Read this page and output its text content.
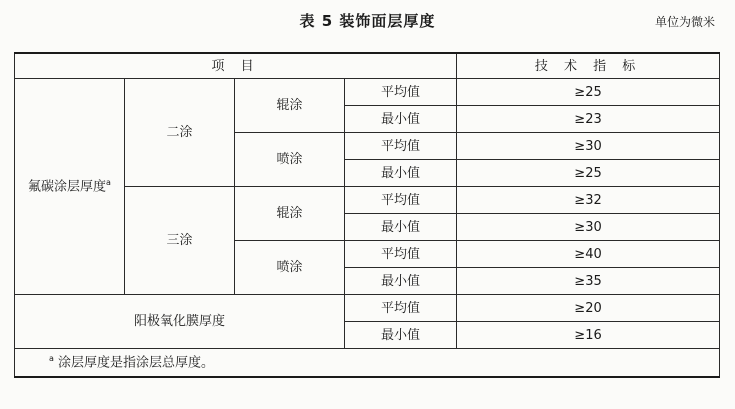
表 5 装饰面层厚度	单位为微米
项 目				技 术 指 标
氟碳涂层厚度$^a$	二涂	辊涂	平均值	≥25
			最小值	≥23
		喷涂	平均值	≥30
			最小值	≥25
	三涂	辊涂	平均值	≥32
			最小值	≥30
		喷涂	平均值	≥40
			最小值	≥35
阳极氧化膜厚度			平均值	≥20
			最小值	≥16
$^a$ 涂层厚度是指涂层总厚度。				
